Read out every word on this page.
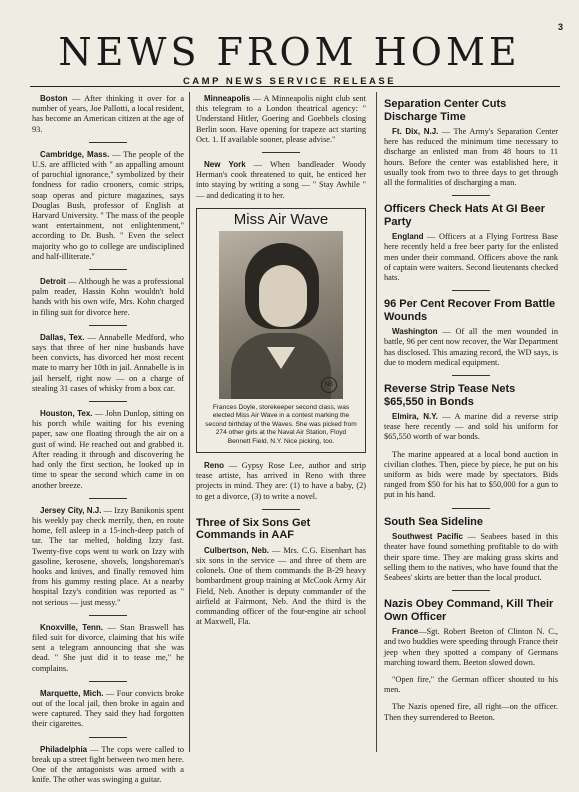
3
NEWS FROM HOME
CAMP NEWS SERVICE RELEASE

Boston — After thinking it over for a number of years, Joe Pallotti, a local resident, has become an American citizen at the age of 93.

Cambridge, Mass. — The people of the U.S. are afflicted with " an appalling amount of parochial ignorance," symbolized by their fondness for radio crooners, comic strips, soap operas and picture magazines, says Douglas Bush, professor of English at Harvard University. " The mass of the people want entertainment, not enlightenment," according to Dr. Bush. " Even the select majority who go to college are undisciplined and half-illiterate."

Detroit — Although he was a professional palm reader, Hassin Kohn wouldn't hold hands with his own wife, Mrs. Kohn charged in filing suit for divorce here.

Dallas, Tex. — Annabelle Medford, who says that three of her nine husbands have been convicts, has divorced her most recent mate to marry her 10th in jail. Annabelle is in jail herself, right now — on a charge of stealing 31 cases of whisky from a box car.

Houston, Tex. — John Dunlop, sitting on his porch while waiting for his evening paper, saw one floating through the air on a gust of wind. He reached out and grabbed it. After reading it through and discovering he had only the first section, he looked up in time to spear the second which came in on another breeze.

Jersey City, N.J. — Izzy Banikonis spent his weekly pay check merrily, then, en route home, fell asleep in a 15-inch-deep patch of tar. The tar melted, holding Izzy fast. Twenty-five cops went to work on Izzy with gasoline, kerosene, shovels, longshoreman's hooks and knives, and finally removed him from his gummy resting place. At a nearby hospital Izzy's condition was reported as " not serious — just messy."

Knoxville, Tenn. — Stan Braswell has filed suit for divorce, claiming that his wife sent a telegram announcing that she was dead. " She just did it to tease me," he complains.

Marquette, Mich. — Four convicts broke out of the local jail, then broke in again and were captured. They said they had forgotten their cigarettes.

Philadelphia — The cops were called to break up a street fight between two men here. One of the antagonists was armed with a knife. The other was swinging a guitar.

Minneapolis — A Minneapolis night club sent this telegram to a London theatrical agency: " Understand Hitler, Goering and Goebbels closing Berlin soon. Have opening for trapeze act starting Oct. 1. If available sooner, please advise."

New York — When bandleader Woody Herman's cook threatened to quit, he enticed her into staying by writing a song — " Stay Awhile " — and dedicating it to her.

Miss Air Wave
NS
Frances Doyle, storekeeper second class, was elected Miss Air Wave in a contest marking the second birthday of the Waves. She was picked from 274 other girls at the Naval Air Station, Floyd Bennett Field, N.Y. Nice picking, too.

Reno — Gypsy Rose Lee, author and strip tease artiste, has arrived in Reno with three projects in mind. They are: (1) to have a baby, (2) to get a divorce, (3) to write a novel.

Three of Six Sons Get Commands in AAF

Culbertson, Neb. — Mrs. C.G. Eisenhart has six sons in the service — and three of them are colonels. One of them commands the B-29 heavy bombardment group training at McCook Army Air Field, Neb. Another is deputy commander of the airfield at Fairmont, Neb. And the third is the commanding officer of the four-engine air school at Maxwell, Fla.

Separation Center Cuts Discharge Time

Ft. Dix, N.J. — The Army's Separation Center here has reduced the minimum time necessary to discharge an enlisted man from 48 hours to 11 hours. Before the center was established here, it usually took from two to three days to get through all the formalities of discharging a man.

Officers Check Hats At GI Beer Party

England — Officers at a Flying Fortress Base here recently held a free beer party for the enlisted men under their command. Officers above the rank of captain were waiters. Second lieutenants checked hats.

96 Per Cent Recover From Battle Wounds

Washington — Of all the men wounded in battle, 96 per cent now recover, the War Department has disclosed. This amazing record, the WD says, is due to modern medical equipment.

Reverse Strip Tease Nets $65,550 in Bonds

Elmira, N.Y. — A marine did a reverse strip tease here recently — and sold his uniform for $65,550 worth of war bonds.

The marine appeared at a local bond auction in civilian clothes. Then, piece by piece, he put on his uniform as bids were made by spectators. Bids ranged from $50 for his hat to $50,000 for a gun to put in his hand.

South Sea Sideline

Southwest Pacific — Seabees based in this theater have found something profitable to do with their spare time. They are making grass skirts and selling them to the natives, who have found that the Seabees' skirts are better than the local product.

Nazis Obey Command, Kill Their Own Officer

France—Sgt. Robert Beeton of Clinton N. C., and two buddies were speeding through France their jeep when they spotted a company of Germans marching toward them. Beeton slowed down.

"Open fire," the German officer shouted to his men.

The Nazis opened fire, all right—on the officer. Then they surrendered to Beeton.
